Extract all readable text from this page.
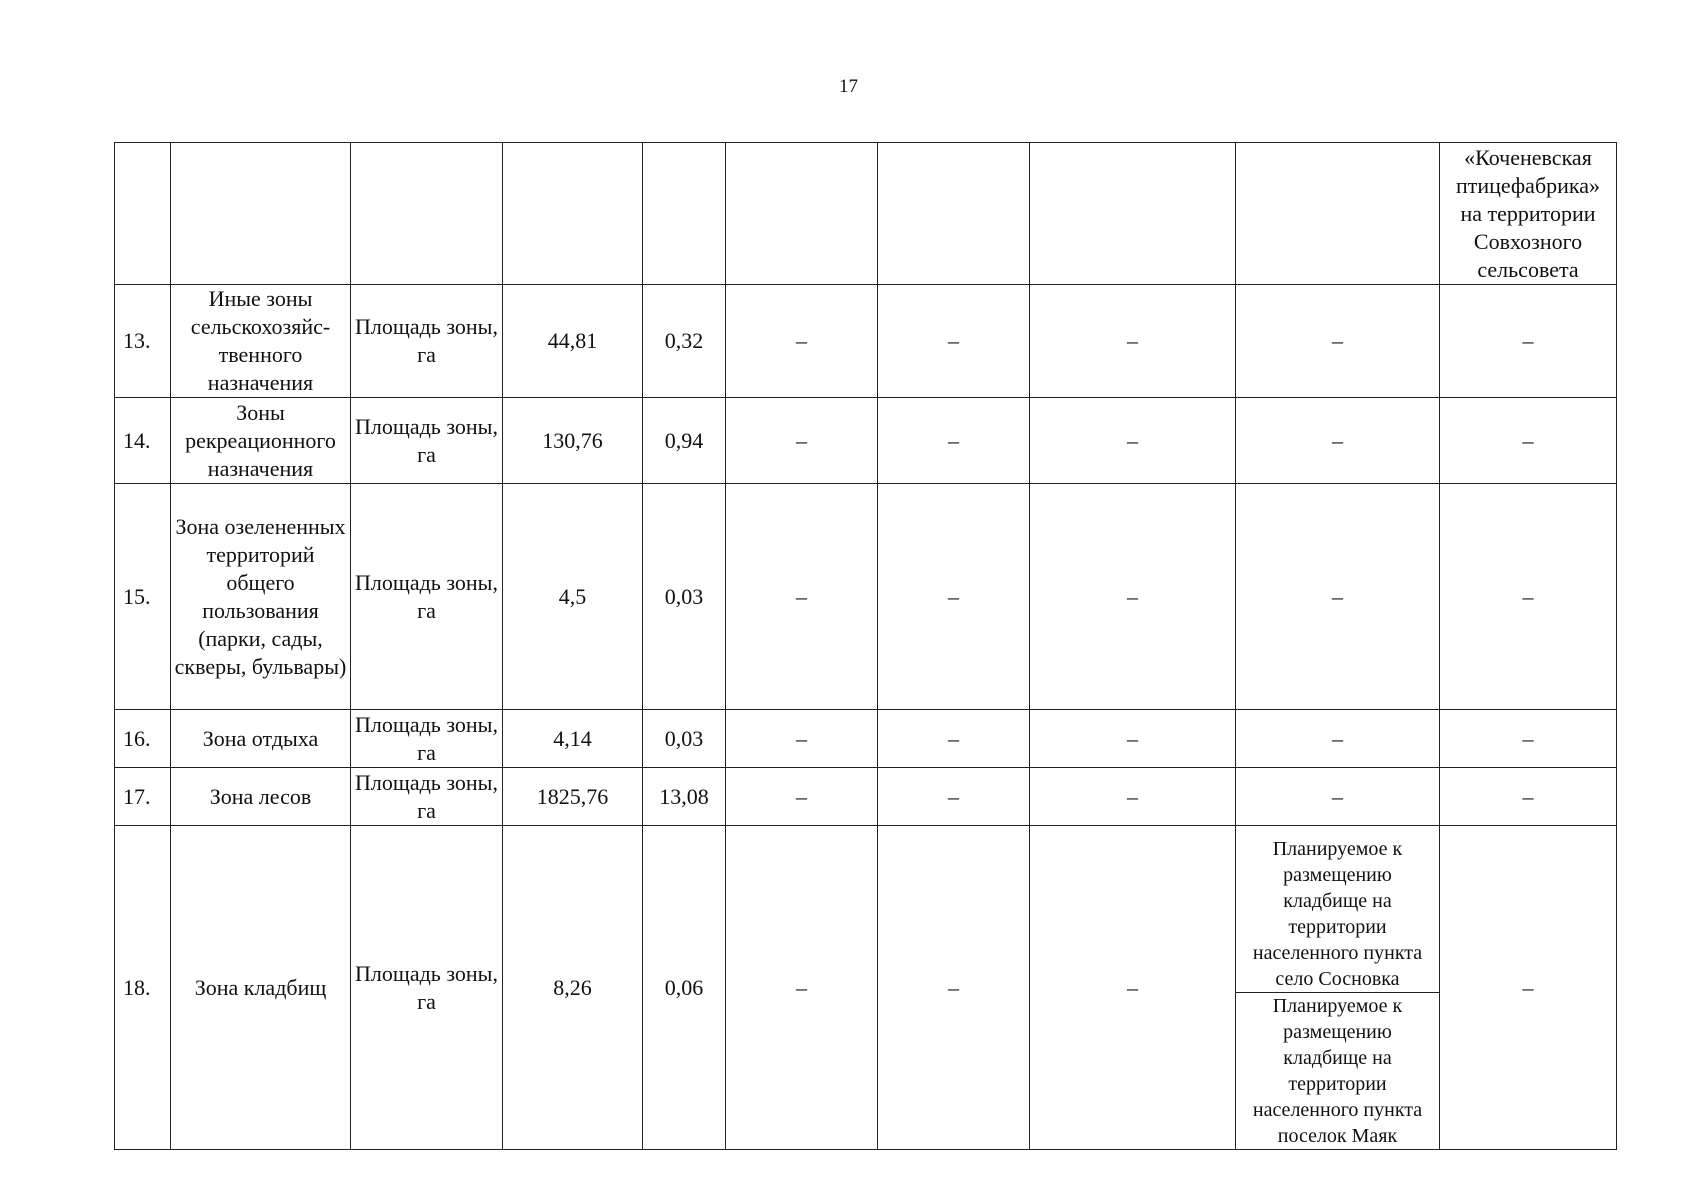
17
									«Кочeневская птицефабрика» на территории Совхозного сельсовета
13.	Иные зоны сельскохозяйс-твенного назначения	Площадь зоны, га	44,81	0,32	–	–	–	–	–
14.	Зоны рекреационного назначения	Площадь зоны, га	130,76	0,94	–	–	–	–	–
15.	Зона озелененных территорий общего пользования (парки, сады, скверы, бульвары)	Площадь зоны, га	4,5	0,03	–	–	–	–	–
16.	Зона отдыха	Площадь зоны, га	4,14	0,03	–	–	–	–	–
17.	Зона лесов	Площадь зоны, га	1825,76	13,08	–	–	–	–	–
18.	Зона кладбищ	Площадь зоны, га	8,26	0,06	–	–	–	Планируемое к размещению кладбище на территории населенного пункта село Сосновка	–
								Планируемое к размещению кладбище на территории населенного пункта поселок Маяк	
